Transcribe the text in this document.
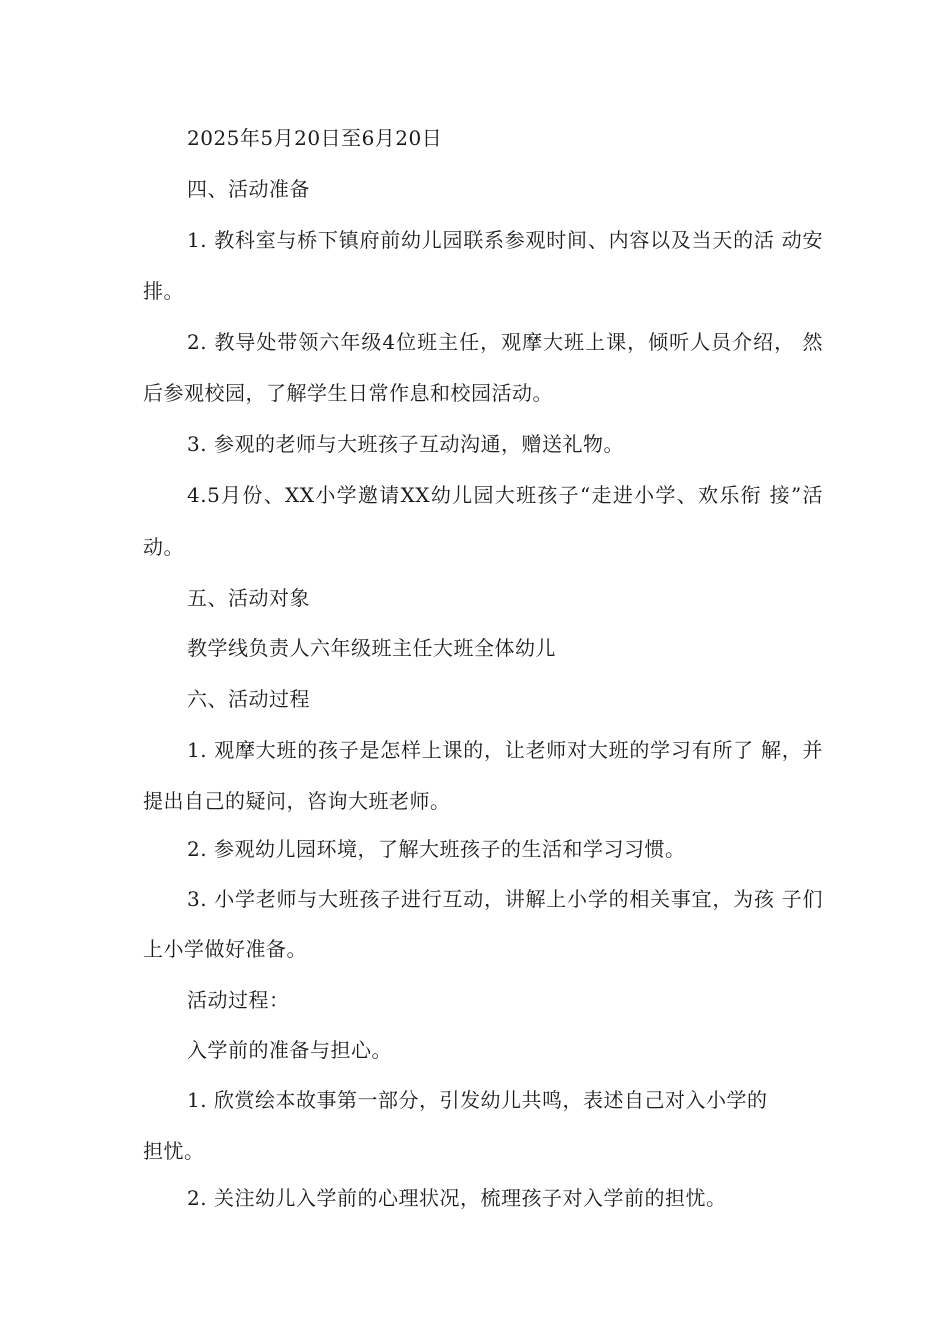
2025年5月20日至6月20日
四、活动准备
1. 教科室与桥下镇府前幼儿园联系参观时间、内容以及当天的活 动安
排。
2. 教导处带领六年级4位班主任，观摩大班上课，倾听人员介绍， 然
后参观校园，了解学生日常作息和校园活动。
3. 参观的老师与大班孩子互动沟通，赠送礼物。
4.5月份、XX小学邀请XX幼儿园大班孩子“走进小学、欢乐衔 接”活
动。
五、活动对象
教学线负责人六年级班主任大班全体幼儿
六、活动过程
1. 观摩大班的孩子是怎样上课的，让老师对大班的学习有所了 解，并
提出自己的疑问，咨询大班老师。
2. 参观幼儿园环境，了解大班孩子的生活和学习习惯。
3. 小学老师与大班孩子进行互动，讲解上小学的相关事宜，为孩 子们
上小学做好准备。
活动过程：
入学前的准备与担心。
1. 欣赏绘本故事第一部分，引发幼儿共鸣，表述自己对入小学的
担忧。
2. 关注幼儿入学前的心理状况，梳理孩子对入学前的担忧。
